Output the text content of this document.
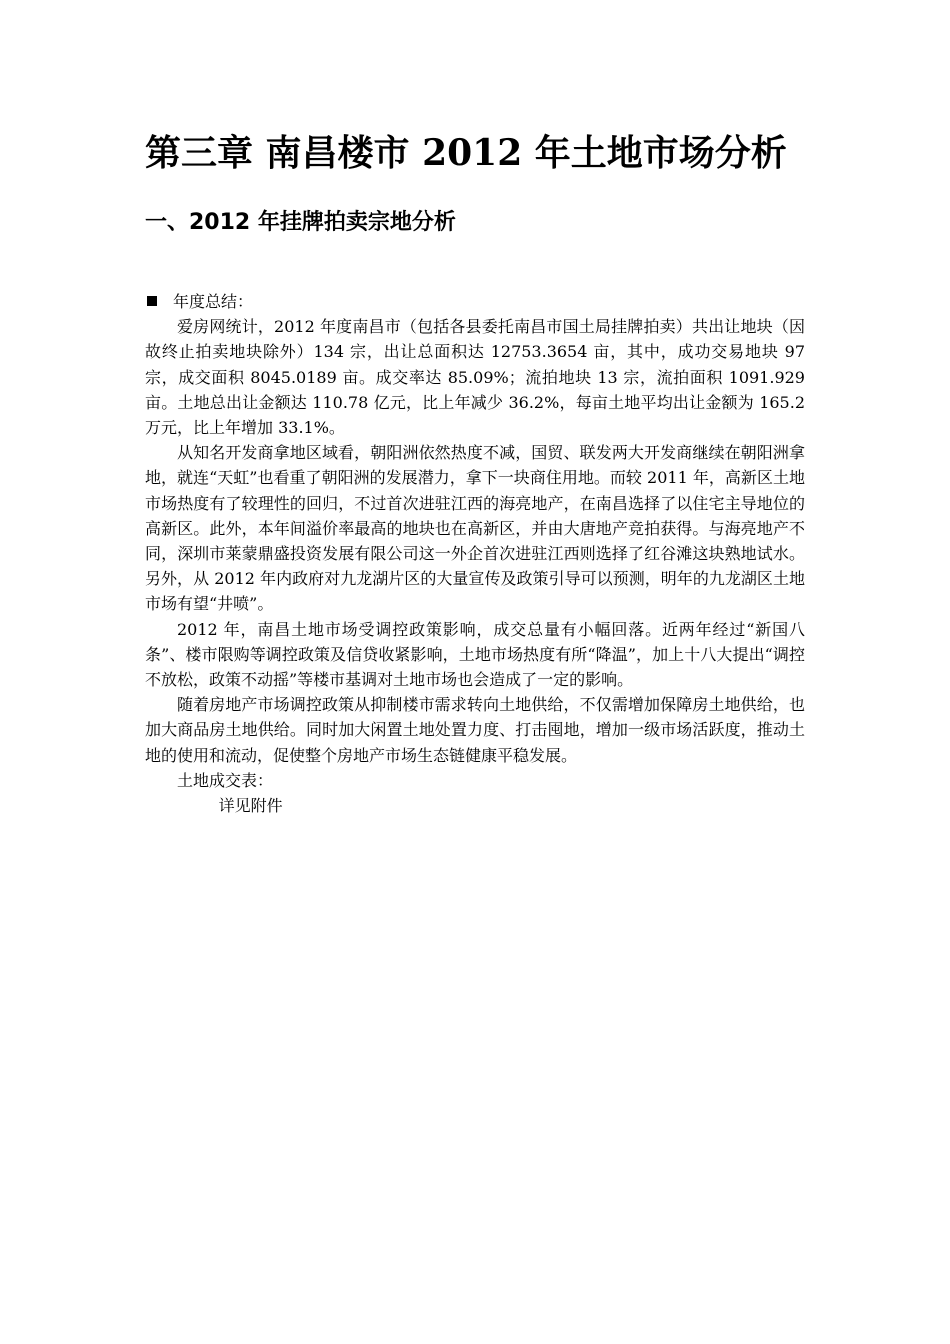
第三章 南昌楼市 2012 年土地市场分析
一、2012 年挂牌拍卖宗地分析

年度总结：

爱房网统计，2012 年度南昌市（包括各县委托南昌市国土局挂牌拍卖）共出让地块（因故终止拍卖地块除外）134 宗，出让总面积达 12753.3654 亩，其中，成功交易地块 97 宗，成交面积 8045.0189 亩。成交率达 85.09%；流拍地块 13 宗，流拍面积 1091.929 亩。土地总出让金额达 110.78 亿元，比上年减少 36.2%，每亩土地平均出让金额为 165.2 万元，比上年增加 33.1%。

从知名开发商拿地区域看，朝阳洲依然热度不减，国贸、联发两大开发商继续在朝阳洲拿地，就连“天虹”也看重了朝阳洲的发展潜力，拿下一块商住用地。而较 2011 年，高新区土地市场热度有了较理性的回归，不过首次进驻江西的海亮地产，在南昌选择了以住宅主导地位的高新区。此外，本年间溢价率最高的地块也在高新区，并由大唐地产竞拍获得。与海亮地产不同，深圳市莱蒙鼎盛投资发展有限公司这一外企首次进驻江西则选择了红谷滩这块熟地试水。另外，从 2012 年内政府对九龙湖片区的大量宣传及政策引导可以预测，明年的九龙湖区土地市场有望“井喷”。

2012 年，南昌土地市场受调控政策影响，成交总量有小幅回落。近两年经过“新国八条”、楼市限购等调控政策及信贷收紧影响，土地市场热度有所“降温”，加上十八大提出“调控不放松，政策不动摇”等楼市基调对土地市场也会造成了一定的影响。

随着房地产市场调控政策从抑制楼市需求转向土地供给，不仅需增加保障房土地供给，也加大商品房土地供给。同时加大闲置土地处置力度、打击囤地，增加一级市场活跃度，推动土地的使用和流动，促使整个房地产市场生态链健康平稳发展。

土地成交表：

详见附件
